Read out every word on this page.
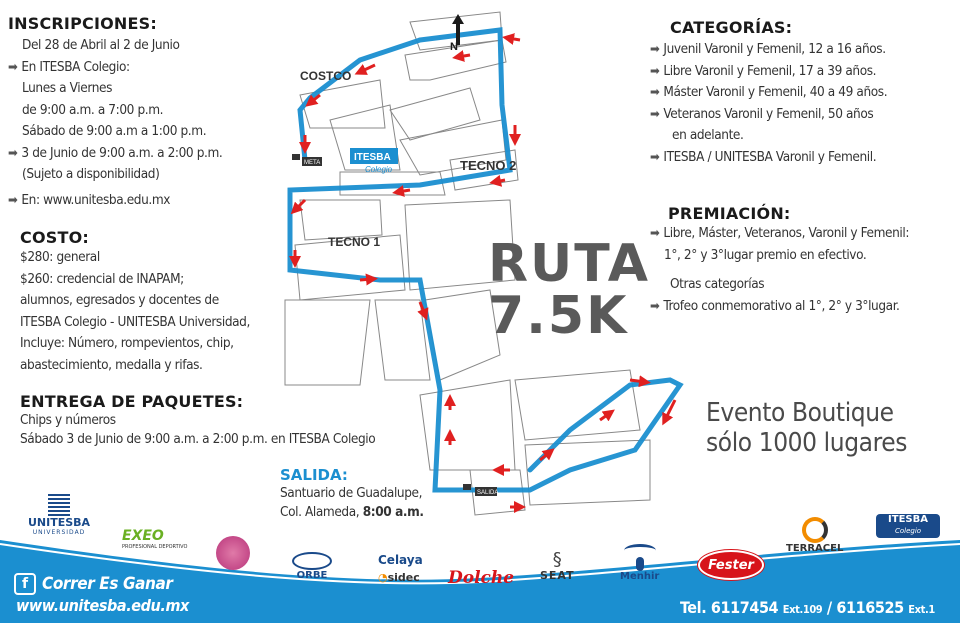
INSCRIPCIONES:
Del 28 de Abril al 2 de Junio
➡ En ITESBA Colegio:
Lunes a Viernes
de 9:00 a.m. a 7:00 p.m.
Sábado de 9:00 a.m a 1:00 p.m.
➡ 3 de Junio de 9:00 a.m. a 2:00 p.m.
(Sujeto a disponibilidad)
➡ En: www.unitesba.edu.mx
COSTO:
$280: general
$260: credencial de INAPAM;
alumnos, egresados y docentes de
ITESBA Colegio - UNITESBA Universidad,
Incluye: Número, rompevientos, chip,
abastecimiento, medalla y rifas.
ENTREGA DE PAQUETES:
Chips y números
Sábado 3 de Junio de 9:00 a.m. a 2:00 p.m. en ITESBA Colegio
SALIDA:
Santuario de Guadalupe,
Col. Alameda, 8:00 a.m.
N
COSTCO
ITESBA
Colegio
TECNO 1
TECNO 2
META
SALIDA
RUTA
7.5K
CATEGORÍAS:
➡ Juvenil Varonil y Femenil, 12 a 16 años.
➡ Libre Varonil y Femenil, 17 a 39 años.
➡ Máster Varonil y Femenil, 40 a 49 años.
➡ Veteranos Varonil y Femenil, 50 años
en adelante.
➡ ITESBA / UNITESBA Varonil y Femenil.
PREMIACIÓN:
➡ Libre, Máster, Veteranos, Varonil y Femenil:
1°, 2° y 3°lugar premio en efectivo.
Otras categorías
➡ Trofeo conmemorativo al 1°, 2° y 3°lugar.
Evento Boutique
sólo 1000 lugares
UNITESBA
UNIVERSIDAD	EXEO
PROFESIONAL DEPORTIVO
ORBE
Celaya
◔sidec Dolche
§
SEAT	Menhir
Fester
TERRACEL
ITESBA
Colegio
f Correr Es Ganar
www.unitesba.edu.mx	Tel. 6117454 Ext.109 / 6116525 Ext.1
